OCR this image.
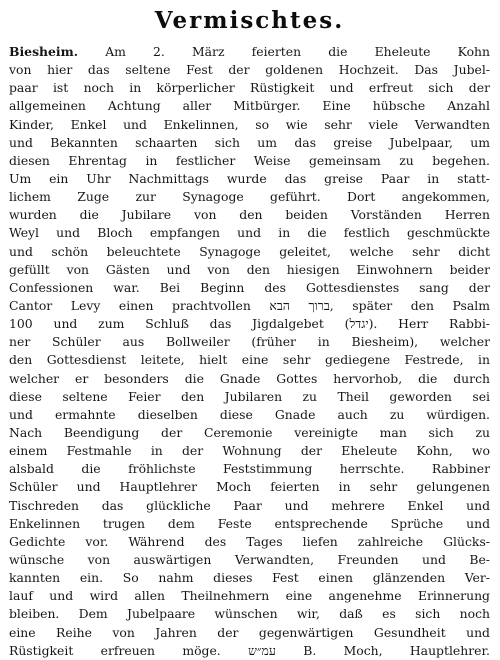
Vermischtes.
Biesheim. Am 2. März feierten die Eheleute Kohn
von hier das seltene Fest der goldenen Hochzeit. Das Jubel-
paar ist noch in körperlicher Rüstigkeit und erfreut sich der
allgemeinen Achtung aller Mitbürger. Eine hübsche Anzahl
Kinder, Enkel und Enkelinnen, so wie sehr viele Verwandten
und Bekannten schaarten sich um das greise Jubelpaar, um
diesen Ehrentag in festlicher Weise gemeinsam zu begehen.
Um ein Uhr Nachmittags wurde das greise Paar in statt-
lichem Zuge zur Synagoge geführt. Dort angekommen,
wurden die Jubilare von den beiden Vorständen Herren
Weyl und Bloch empfangen und in die festlich geschmückte
und schön beleuchtete Synagoge geleitet, welche sehr dicht
gefüllt von Gästen und von den hiesigen Einwohnern beider
Confessionen war. Bei Beginn des Gottesdienstes sang der
Cantor Levy einen prachtvollen ברוך הבא, später den Psalm
100 und zum Schluß das Jigdalgebet (יגדל). Herr Rabbi-
ner Schüler aus Bollweiler (früher in Biesheim), welcher
den Gottesdienst leitete, hielt eine sehr gediegene Festrede, in
welcher er besonders die Gnade Gottes hervorhob, die durch
diese seltene Feier den Jubilaren zu Theil geworden sei
und ermahnte dieselben diese Gnade auch zu würdigen.
Nach Beendigung der Ceremonie vereinigte man sich zu
einem Festmahle in der Wohnung der Eheleute Kohn, wo
alsbald die fröhlichste Feststimmung herrschte. Rabbiner
Schüler und Hauptlehrer Moch feierten in sehr gelungenen
Tischreden das glückliche Paar und mehrere Enkel und
Enkelinnen trugen dem Feste entsprechende Sprüche und
Gedichte vor. Während des Tages liefen zahlreiche Glücks-
wünsche von auswärtigen Verwandten, Freunden und Be-
kannten ein. So nahm dieses Fest einen glänzenden Ver-
lauf und wird allen Theilnehmern eine angenehme Erinnerung
bleiben. Dem Jubelpaare wünschen wir, daß es sich noch
eine Reihe von Jahren der gegenwärtigen Gesundheit und
Rüstigkeit erfreuen möge. עמ״ש B. Moch, Hauptlehrer.
